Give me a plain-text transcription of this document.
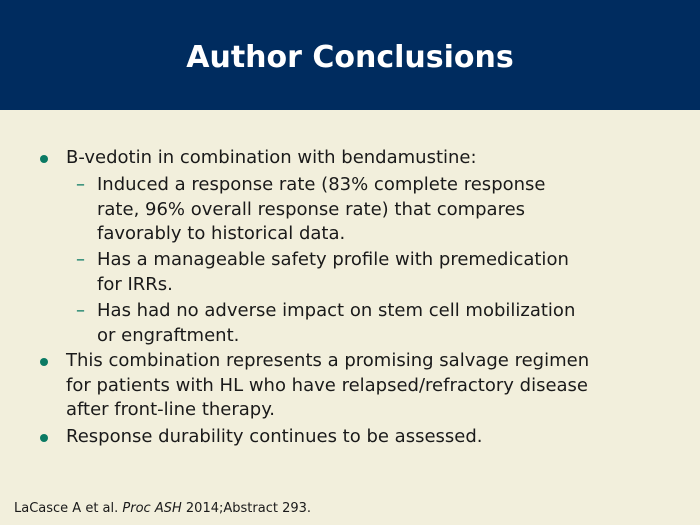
Author Conclusions
B-vedotin in combination with bendamustine:
– Induced a response rate (83% complete response
rate, 96% overall response rate) that compares
favorably to historical data.
– Has a manageable safety profile with premedication
for IRRs.
– Has had no adverse impact on stem cell mobilization
or engraftment.
This combination represents a promising salvage regimen
for patients with HL who have relapsed/refractory disease
after front-line therapy.
Response durability continues to be assessed.
LaCasce A et al. Proc ASH 2014;Abstract 293.
